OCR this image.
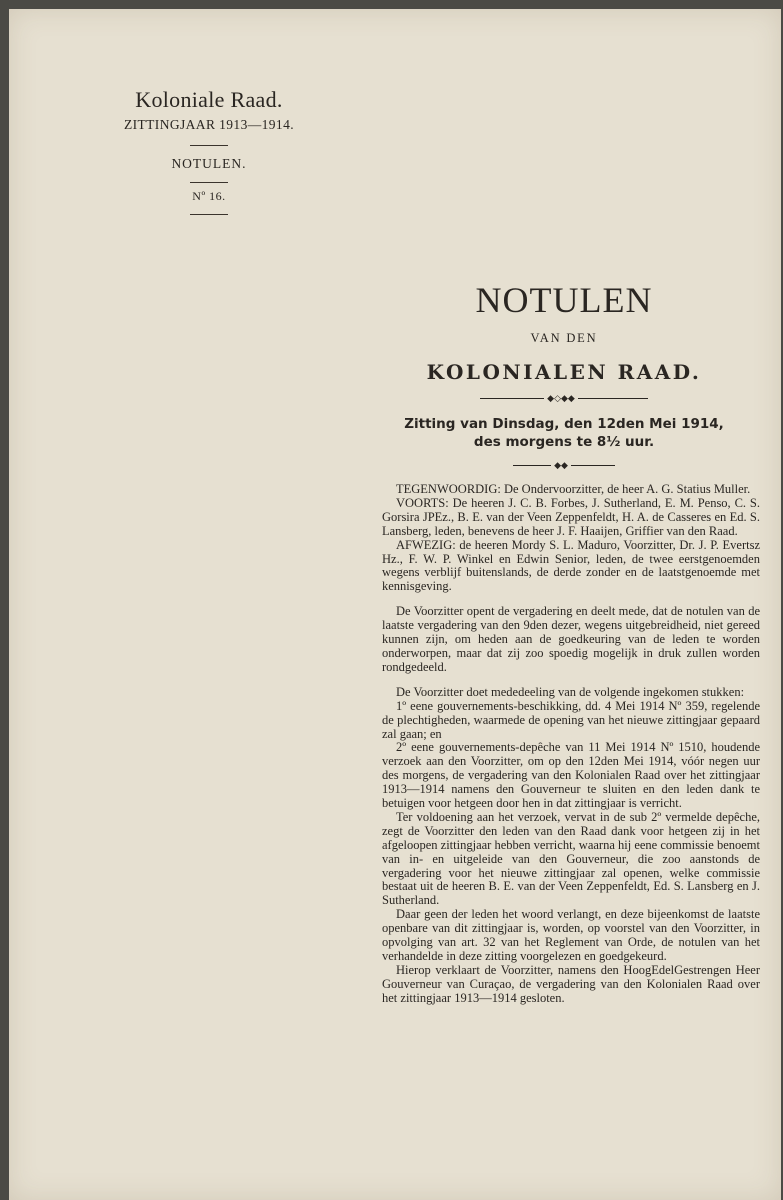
Koloniale Raad.
ZITTINGJAAR 1913—1914.
NOTULEN.
Nº 16.
NOTULEN
VAN DEN
KOLONIALEN RAAD.
◆◇◆◆
Zitting van Dinsdag, den 12den Mei 1914,
des morgens te 8½ uur.
◆◆

TEGENWOORDIG: De Ondervoorzitter, de heer A. G. Statius Muller.

VOORTS: De heeren J. C. B. Forbes, J. Sutherland, E. M. Penso, C. S. Gorsira JPEz., B. E. van der Veen Zeppenfeldt, H. A. de Casseres en Ed. S. Lansberg, leden, benevens de heer J. F. Haaijen, Griffier van den Raad.

AFWEZIG: de heeren Mordy S. L. Maduro, Voorzitter, Dr. J. P. Evertsz Hz., F. W. P. Winkel en Edwin Senior, leden, de twee eerstgenoemden wegens verblijf buitenslands, de derde zonder en de laatstgenoemde met kennisgeving.

De Voorzitter opent de vergadering en deelt mede, dat de notulen van de laatste vergadering van den 9den dezer, wegens uitgebreidheid, niet gereed kunnen zijn, om heden aan de goedkeuring van de leden te worden onderworpen, maar dat zij zoo spoedig mogelijk in druk zullen worden rondgedeeld.

De Voorzitter doet mededeeling van de volgende ingekomen stukken:

1º eene gouvernements-beschikking, dd. 4 Mei 1914 Nº 359, regelende de plechtigheden, waarmede de opening van het nieuwe zittingjaar gepaard zal gaan; en

2º eene gouvernements-depêche van 11 Mei 1914 Nº 1510, houdende verzoek aan den Voorzitter, om op den 12den Mei 1914, vóór negen uur des morgens, de vergadering van den Kolonialen Raad over het zittingjaar 1913—1914 namens den Gouverneur te sluiten en den leden dank te betuigen voor hetgeen door hen in dat zittingjaar is verricht.

Ter voldoening aan het verzoek, vervat in de sub 2º vermelde depêche, zegt de Voorzitter den leden van den Raad dank voor hetgeen zij in het afgeloopen zittingjaar hebben verricht, waarna hij eene commissie benoemt van in- en uitgeleide van den Gouverneur, die zoo aanstonds de vergadering voor het nieuwe zittingjaar zal openen, welke commissie bestaat uit de heeren B. E. van der Veen Zeppenfeldt, Ed. S. Lansberg en J. Sutherland.

Daar geen der leden het woord verlangt, en deze bijeenkomst de laatste openbare van dit zittingjaar is, worden, op voorstel van den Voorzitter, in opvolging van art. 32 van het Reglement van Orde, de notulen van het verhandelde in deze zitting voorgelezen en goedgekeurd.

Hierop verklaart de Voorzitter, namens den HoogEdelGestrengen Heer Gouverneur van Curaçao, de vergadering van den Kolonialen Raad over het zittingjaar 1913—1914 gesloten.
